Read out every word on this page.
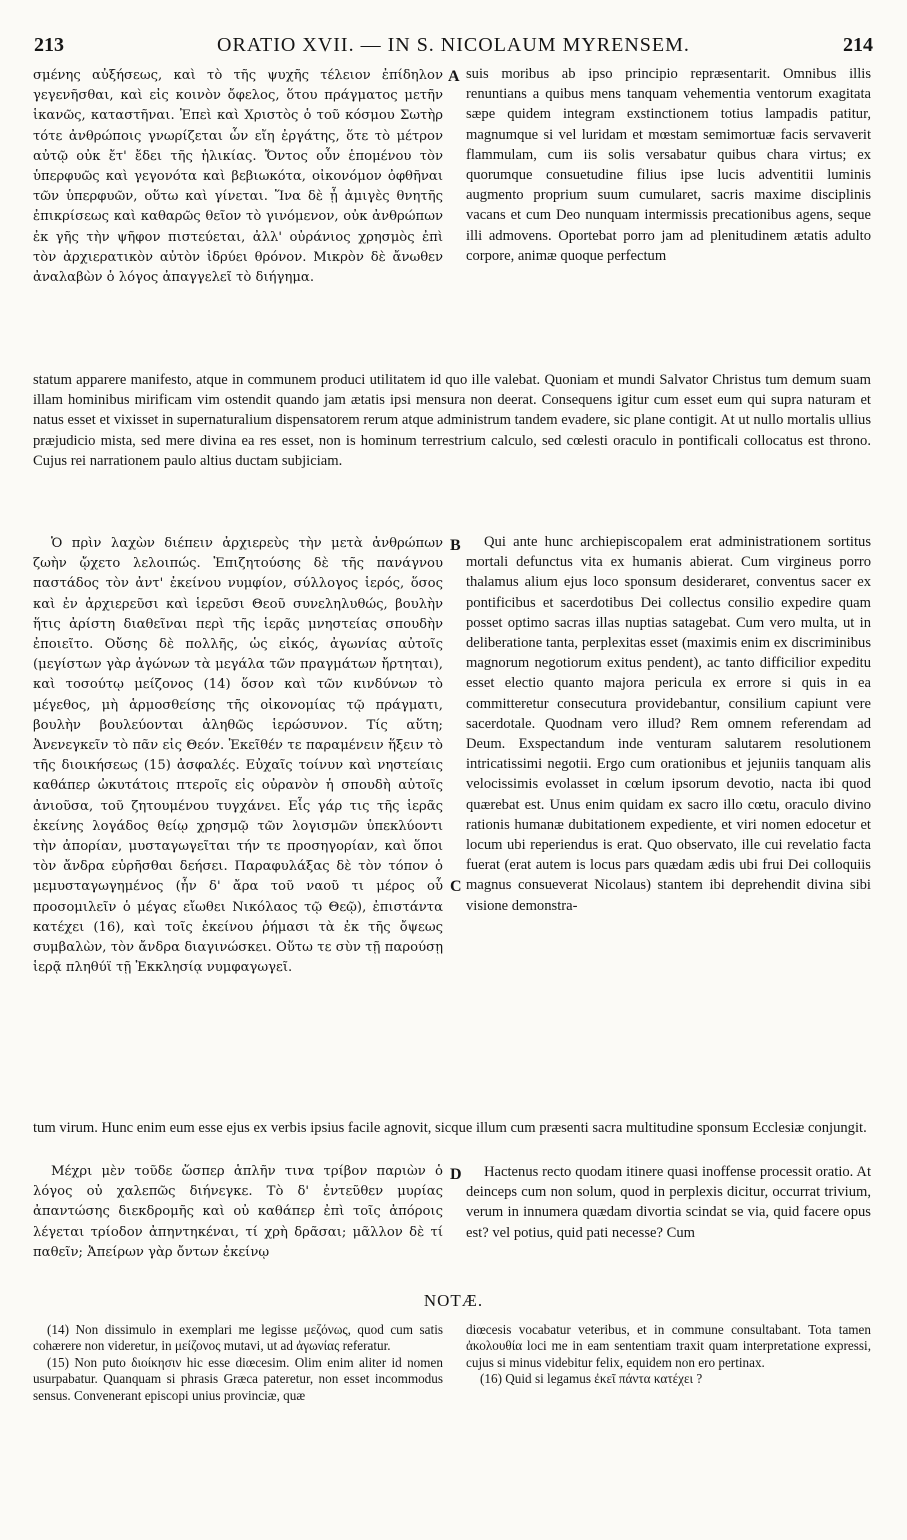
213	ORATIO XVII. — IN S. NICOLAUM MYRENSEM.	214

σμένης αὐξήσεως, καὶ τὸ τῆς ψυχῆς τέλειον ἐπίδηλον γεγενῆσθαι, καὶ εἰς κοινὸν ὄφελος, ὅτου πράγματος μετῆν ἱκανῶς, καταστῆναι. Ἐπεὶ καὶ Χριστὸς ὁ τοῦ κόσμου Σωτὴρ τότε ἀνθρώποις γνωρίζεται ὧν εἴη ἐργάτης, ὅτε τὸ μέτρον αὐτῷ οὐκ ἔτ' ἔδει τῆς ἡλικίας. Ὄντος οὖν ἑπομένου τὸν ὑπερφυῶς καὶ γεγονότα καὶ βεβιωκότα, οἰκονόμον ὀφθῆναι τῶν ὑπερφυῶν, οὕτω καὶ γίνεται. Ἵνα δὲ ᾖ ἀμιγὲς θνητῆς ἐπικρίσεως καὶ καθαρῶς θεῖον τὸ γινόμενον, οὐκ ἀνθρώπων ἐκ γῆς τὴν ψῆφον πιστεύεται, ἀλλ' οὐράνιος χρησμὸς ἐπὶ τὸν ἀρχιερατικὸν αὐτὸν ἱδρύει θρόνον. Μικρὸν δὲ ἄνωθεν ἀναλαβὼν ὁ λόγος ἀπαγγελεῖ τὸ διήγημα.

A suis moribus ab ipso principio repræsentarit. Omnibus illis renuntians a quibus mens tanquam vehementia ventorum exagitata sæpe quidem integram exstinctionem totius lampadis patitur, magnumque si vel luridam et mœstam semimortuæ facis servaverit flammulam, cum iis solis versabatur quibus chara virtus; ex quorumque consuetudine filius ipse lucis adventitii luminis augmento proprium suum cumularet, sacris maxime disciplinis vacans et cum Deo nunquam intermissis precationibus agens, seque illi admovens. Oportebat porro jam ad plenitudinem ætatis adulto corpore, animæ quoque perfectum

statum apparere manifesto, atque in communem produci utilitatem id quo ille valebat. Quoniam et mundi Salvator Christus tum demum suam illam hominibus mirificam vim ostendit quando jam ætatis ipsi mensura non deerat. Consequens igitur cum esset eum qui supra naturam et natus esset et vixisset in supernaturalium dispensatorem rerum atque administrum tandem evadere, sic plane contigit. At ut nullo mortalis ullius præjudicio mista, sed mere divina ea res esset, non is hominum terrestrium calculo, sed cœlesti oraculo in pontificali collocatus est throno. Cujus rei narrationem paulo altius ductam subjiciam.

Ὁ πρὶν λαχὼν διέπειν ἀρχιερεὺς τὴν μετὰ ἀνθρώπων ζωὴν ᾤχετο λελοιπώς. Ἐπιζητούσης δὲ τῆς πανάγνου παστάδος τὸν ἀντ' ἐκείνου νυμφίον, σύλλογος ἱερός, ὅσος καὶ ἐν ἀρχιερεῦσι καὶ ἱερεῦσι Θεοῦ συνεληλυθώς, βουλὴν ἥτις ἀρίστη διαθεῖναι περὶ τῆς ἱερᾶς μνηστείας σπουδὴν ἐποιεῖτο. Οὔσης δὲ πολλῆς, ὡς εἰκός, ἀγωνίας αὐτοῖς (μεγίστων γὰρ ἀγώνων τὰ μεγάλα τῶν πραγμάτων ἤρτηται), καὶ τοσούτῳ μείζονος (14) ὅσον καὶ τῶν κινδύνων τὸ μέγεθος, μὴ ἁρμοσθείσης τῆς οἰκονομίας τῷ πράγματι, βουλὴν βουλεύονται ἀληθῶς ἱερώσυνον. Τίς αὕτη; Ἀνενεγκεῖν τὸ πᾶν εἰς Θεόν. Ἐκεῖθέν τε παραμένειν ἥξειν τὸ τῆς διοικήσεως (15) ἀσφαλές. Εὐχαῖς τοίνυν καὶ νηστείαις καθάπερ ὠκυτάτοις πτεροῖς εἰς οὐρανὸν ἡ σπουδὴ αὐτοῖς ἀνιοῦσα, τοῦ ζητουμένου τυγχάνει. Εἷς γάρ τις τῆς ἱερᾶς ἐκείνης λογάδος θείῳ χρησμῷ τῶν λογισμῶν ὑπεκλύοντι τὴν ἀπορίαν, μυσταγωγεῖται τήν τε προσηγορίαν, καὶ ὅποι τὸν ἄνδρα εὑρῆσθαι δεήσει. Παραφυλάξας δὲ τὸν τόπον ὁ μεμυσταγωγημένος (ἦν δ' ἄρα τοῦ ναοῦ τι μέρος οὗ προσομιλεῖν ὁ μέγας εἴωθει Νικόλαος τῷ Θεῷ), ἐπιστάντα κατέχει (16), καὶ τοῖς ἐκείνου ῥήμασι τὰ ἐκ τῆς ὄψεως συμβαλὼν, τὸν ἄνδρα διαγινώσκει. Οὕτω τε σὺν τῇ παρούσῃ ἱερᾷ πληθύϊ τῇ Ἐκκλησίᾳ νυμφαγωγεῖ.

B
C

Qui ante hunc archiepiscopalem erat administrationem sortitus mortali defunctus vita ex humanis abierat. Cum virgineus porro thalamus alium ejus loco sponsum desideraret, conventus sacer ex pontificibus et sacerdotibus Dei collectus consilio expedire quam posset optimo sacras illas nuptias satagebat. Cum vero multa, ut in deliberatione tanta, perplexitas esset (maximis enim ex discriminibus magnorum negotiorum exitus pendent), ac tanto difficilior expeditu esset electio quanto majora pericula ex errore si quis in ea committeretur consecutura providebantur, consilium capiunt vere sacerdotale. Quodnam vero illud? Rem omnem referendam ad Deum. Exspectandum inde venturam salutarem resolutionem intricatissimi negotii. Ergo cum orationibus et jejuniis tanquam alis velocissimis evolasset in cœlum ipsorum devotio, nacta ibi quod quærebat est. Unus enim quidam ex sacro illo cœtu, oraculo divino rationis humanæ dubitationem expediente, et viri nomen edocetur et locum ubi reperiendus is erat. Quo observato, ille cui revelatio facta fuerat (erat autem is locus pars quædam ædis ubi frui Dei colloquiis magnus consueverat Nicolaus) stantem ibi deprehendit divina sibi visione demonstra-

tum virum. Hunc enim eum esse ejus ex verbis ipsius facile agnovit, sicque illum cum præsenti sacra multitudine sponsum Ecclesiæ conjungit.

Μέχρι μὲν τοῦδε ὥσπερ ἁπλῆν τινα τρίβον παριὼν ὁ λόγος οὐ χαλεπῶς διήνεγκε. Τὸ δ' ἐντεῦθεν μυρίας ἀπαντώσης διεκδρομῆς καὶ οὐ καθάπερ ἐπὶ τοῖς ἀπόροις λέγεται τρίοδον ἀπηντηκέναι, τί χρὴ δρᾶσαι; μᾶλλον δὲ τί παθεῖν; Ἀπείρων γὰρ ὄντων ἐκείνῳ

D	Hactenus recto quodam itinere quasi inoffense processit oratio. At deinceps cum non solum, quod in perplexis dicitur, occurrat trivium, verum in innumera quædam divortia scindat se via, quid facere opus est? vel potius, quid pati necesse? Cum

NOTÆ.

(14) Non dissimulo in exemplari me legisse μεζόνως, quod cum satis cohærere non videretur, in μείζονος mutavi, ut ad ἀγωνίας referatur.

(15) Non puto διοίκησιν hic esse diœcesim. Olim enim aliter id nomen usurpabatur. Quanquam si phrasis Græca pateretur, non esset incommodus sensus. Convenerant episcopi unius provinciæ, quæ

diœcesis vocabatur veteribus, et in commune consultabant. Tota tamen ἀκολουθία loci me in eam sententiam traxit quam interpretatione expressi, cujus si minus videbitur felix, equidem non ero pertinax.

(16) Quid si legamus ἐκεῖ πάντα κατέχει ?
